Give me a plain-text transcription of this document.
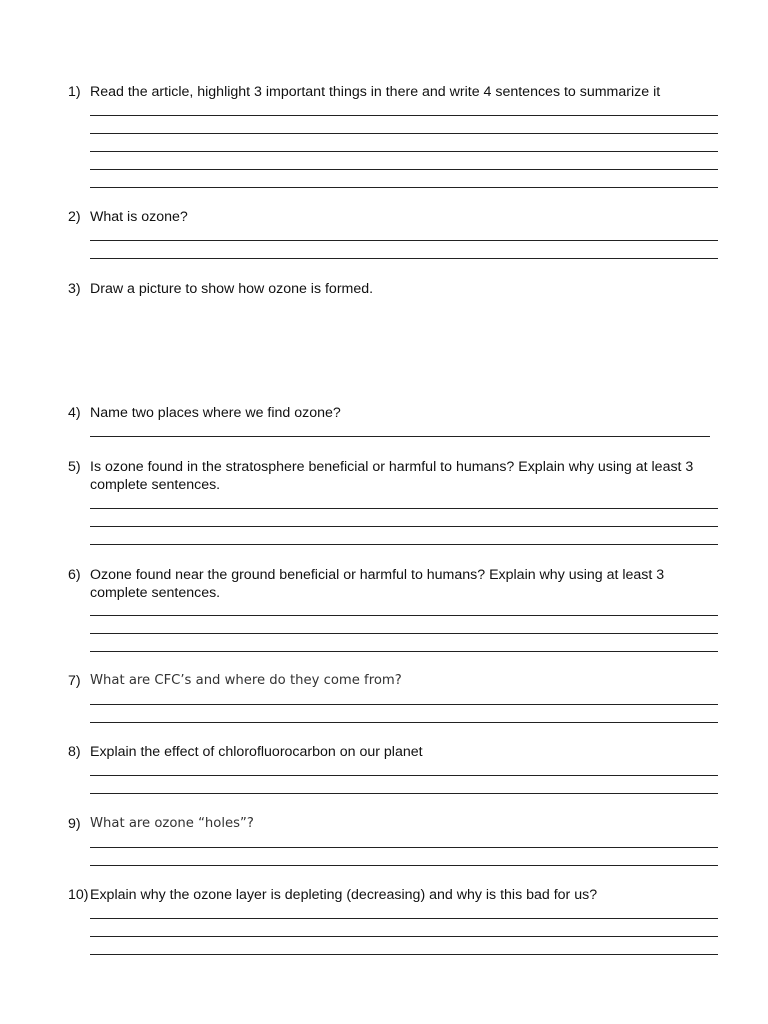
1) Read the article, highlight 3 important things in there and write 4 sentences to summarize it
2) What is ozone?
3) Draw a picture to show how ozone is formed.
4) Name two places where we find ozone?
5) Is ozone found in the stratosphere beneficial or harmful to humans? Explain why using at least 3 complete sentences.
6) Ozone found near the ground beneficial or harmful to humans? Explain why using at least 3 complete sentences.
7) What are CFC’s and where do they come from?
8) Explain the effect of chlorofluorocarbon on our planet
9) What are ozone “holes”?
10) Explain why the ozone layer is depleting (decreasing) and why is this bad for us?
